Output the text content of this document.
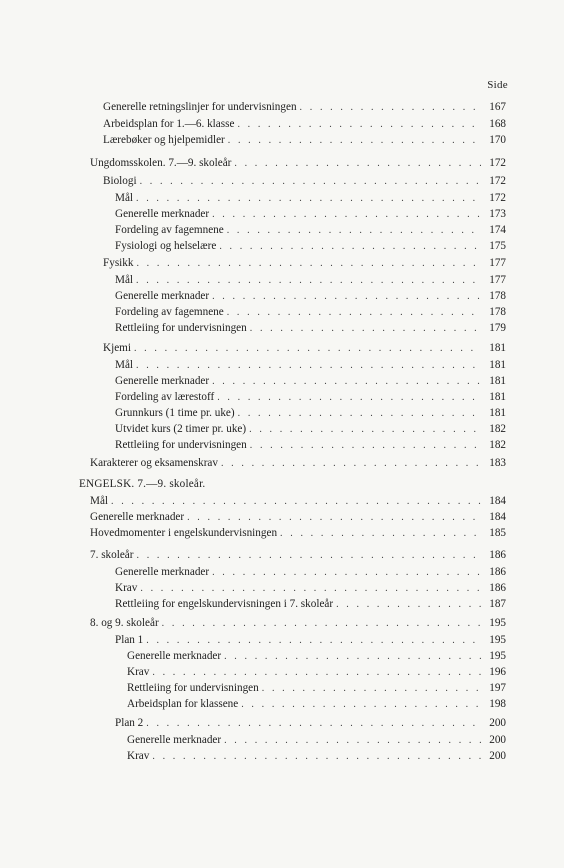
Side
Generelle retningslinjer for undervisningen . . .	167
Arbeidsplan for 1.—6. klasse . . .	168
Lærebøker og hjelpemidler . . .	170
Ungdomsskolen. 7.—9. skoleår . . .	172
Biologi . . .	172
Mål . . .	172
Generelle merknader . . .	173
Fordeling av fagemnene . . .	174
Fysiologi og helselære . . .	175
Fysikk . . .	177
Mål . . .	177
Generelle merknader . . .	178
Fordeling av fagemnene . . .	178
Rettleiing for undervisningen . . .	179
Kjemi . . .	181
Mål . . .	181
Generelle merknader . . .	181
Fordeling av lærestoff . . .	181
Grunnkurs (1 time pr. uke) . . .	181
Utvidet kurs (2 timer pr. uke) . . .	182
Rettleiing for undervisningen . . .	182
Karakterer og eksamenskrav . . .	183
ENGELSK. 7.—9. skoleår.
Mål . . .	184
Generelle merknader . . .	184
Hovedmomenter i engelskundervisningen . . .	185
7. skoleår . . .	186
Generelle merknader . . .	186
Krav . . .	186
Rettleiing for engelskundervisningen i 7. skoleår . . .	187
8. og 9. skoleår . . .	195
Plan 1 . . .	195
Generelle merknader . . .	195
Krav . . .	196
Rettleiing for undervisningen . . .	197
Arbeidsplan for klassene . . .	198
Plan 2 . . .	200
Generelle merknader . . .	200
Krav . . .	200
